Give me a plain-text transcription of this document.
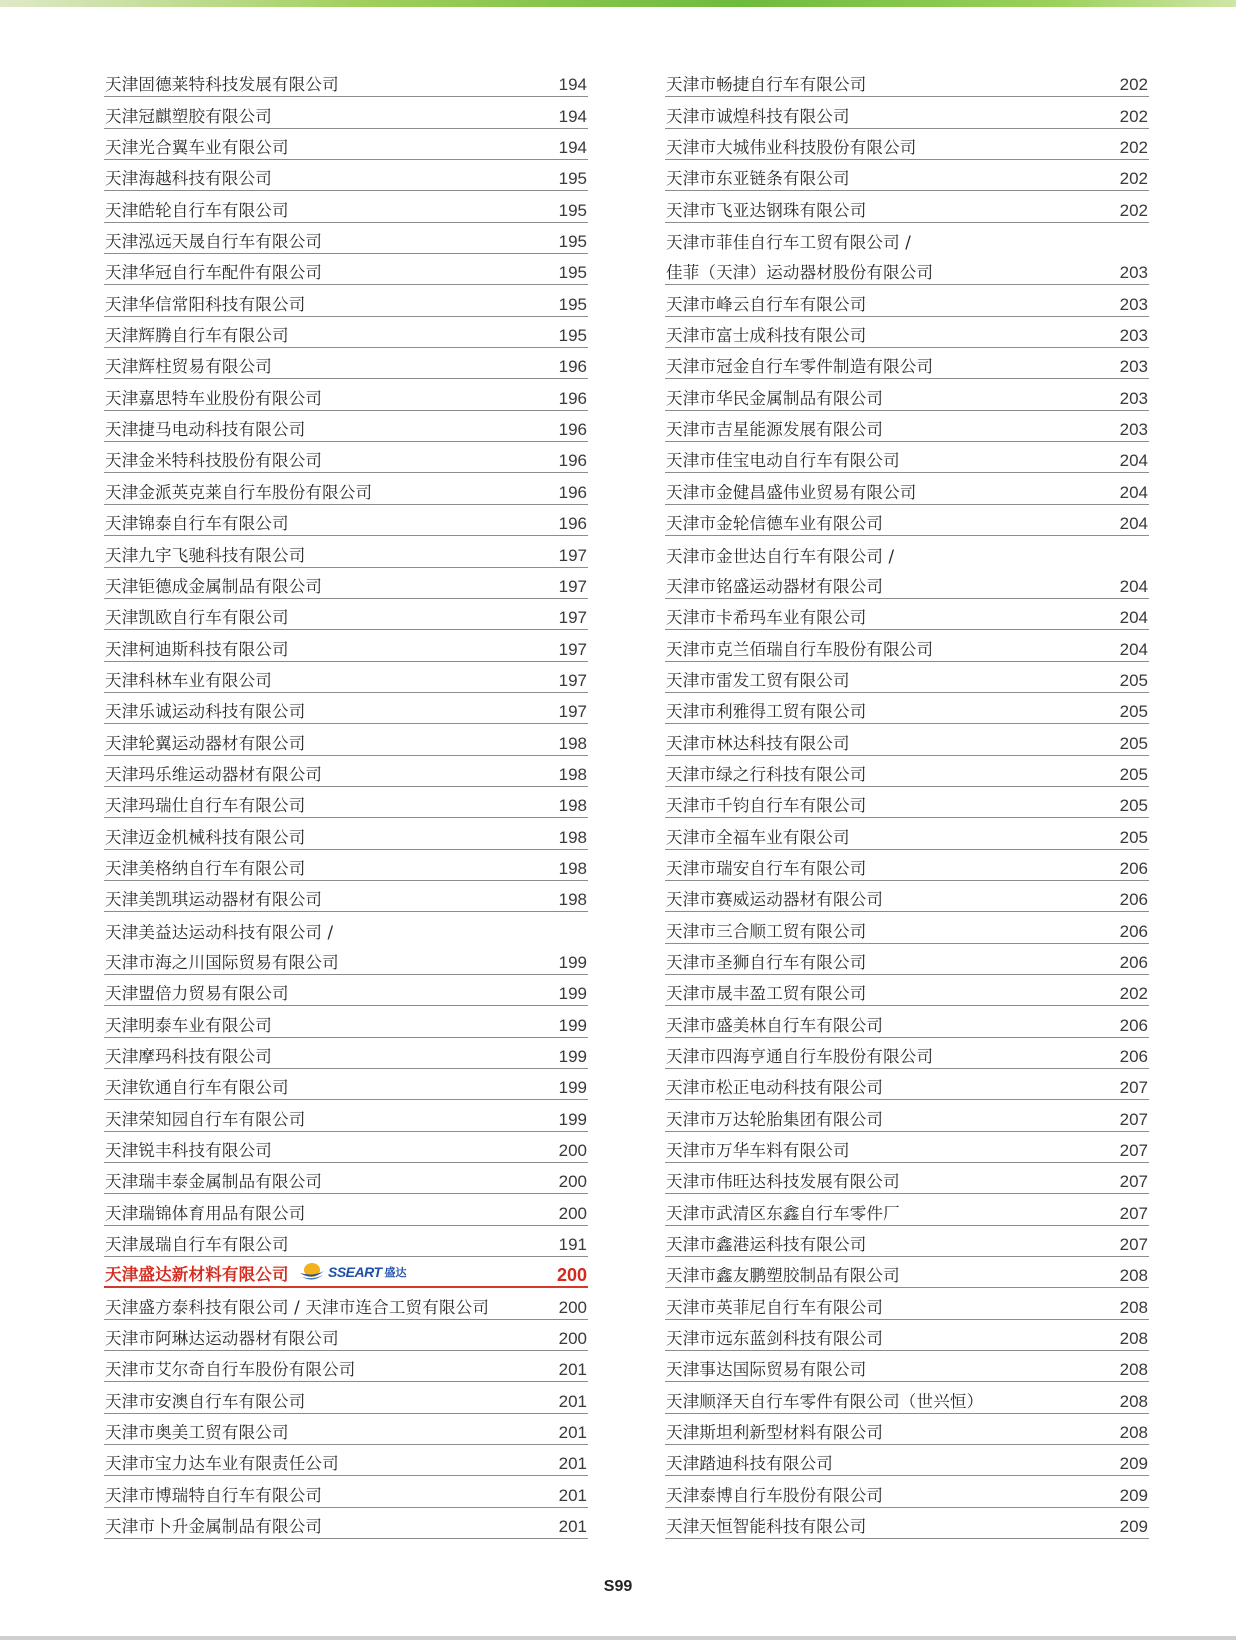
天津固德莱特科技发展有限公司	194
天津冠麒塑胶有限公司	194
天津光合翼车业有限公司	194
天津海越科技有限公司	195
天津皓轮自行车有限公司	195
天津泓远天晟自行车有限公司	195
天津华冠自行车配件有限公司	195
天津华信常阳科技有限公司	195
天津辉腾自行车有限公司	195
天津辉柱贸易有限公司	196
天津嘉思特车业股份有限公司	196
天津捷马电动科技有限公司	196
天津金米特科技股份有限公司	196
天津金派英克莱自行车股份有限公司	196
天津锦泰自行车有限公司	196
天津九宇飞驰科技有限公司	197
天津钜德成金属制品有限公司	197
天津凯欧自行车有限公司	197
天津柯迪斯科技有限公司	197
天津科林车业有限公司	197
天津乐诚运动科技有限公司	197
天津轮翼运动器材有限公司	198
天津玛乐维运动器材有限公司	198
天津玛瑞仕自行车有限公司	198
天津迈金机械科技有限公司	198
天津美格纳自行车有限公司	198
天津美凯琪运动器材有限公司	198
天津美益达运动科技有限公司 /
天津市海之川国际贸易有限公司	199
天津盟倍力贸易有限公司	199
天津明泰车业有限公司	199
天津摩玛科技有限公司	199
天津钦通自行车有限公司	199
天津荣知园自行车有限公司	199
天津锐丰科技有限公司	200
天津瑞丰泰金属制品有限公司	200
天津瑞锦体育用品有限公司	200
天津晟瑞自行车有限公司	191
天津盛达新材料有限公司	200
SSEART 盛达
天津盛方泰科技有限公司 / 天津市连合工贸有限公司	200
天津市阿琳达运动器材有限公司	200
天津市艾尔奇自行车股份有限公司	201
天津市安澳自行车有限公司	201
天津市奥美工贸有限公司	201
天津市宝力达车业有限责任公司	201
天津市博瑞特自行车有限公司	201
天津市卜升金属制品有限公司	201
天津市畅捷自行车有限公司	202
天津市诚煌科技有限公司	202
天津市大城伟业科技股份有限公司	202
天津市东亚链条有限公司	202
天津市飞亚达钢珠有限公司	202
天津市菲佳自行车工贸有限公司 /
佳菲（天津）运动器材股份有限公司	203
天津市峰云自行车有限公司	203
天津市富士成科技有限公司	203
天津市冠金自行车零件制造有限公司	203
天津市华民金属制品有限公司	203
天津市吉星能源发展有限公司	203
天津市佳宝电动自行车有限公司	204
天津市金健昌盛伟业贸易有限公司	204
天津市金轮信德车业有限公司	204
天津市金世达自行车有限公司 /
天津市铭盛运动器材有限公司	204
天津市卡希玛车业有限公司	204
天津市克兰佰瑞自行车股份有限公司	204
天津市雷发工贸有限公司	205
天津市利雅得工贸有限公司	205
天津市林达科技有限公司	205
天津市绿之行科技有限公司	205
天津市千钧自行车有限公司	205
天津市全福车业有限公司	205
天津市瑞安自行车有限公司	206
天津市赛威运动器材有限公司	206
天津市三合顺工贸有限公司	206
天津市圣狮自行车有限公司	206
天津市晟丰盈工贸有限公司	202
天津市盛美林自行车有限公司	206
天津市四海亨通自行车股份有限公司	206
天津市松正电动科技有限公司	207
天津市万达轮胎集团有限公司	207
天津市万华车料有限公司	207
天津市伟旺达科技发展有限公司	207
天津市武清区东鑫自行车零件厂	207
天津市鑫港运科技有限公司	207
天津市鑫友鹏塑胶制品有限公司	208
天津市英菲尼自行车有限公司	208
天津市远东蓝剑科技有限公司	208
天津事达国际贸易有限公司	208
天津顺泽天自行车零件有限公司（世兴恒）	208
天津斯坦利新型材料有限公司	208
天津踏迪科技有限公司	209
天津泰博自行车股份有限公司	209
天津天恒智能科技有限公司	209
S99
